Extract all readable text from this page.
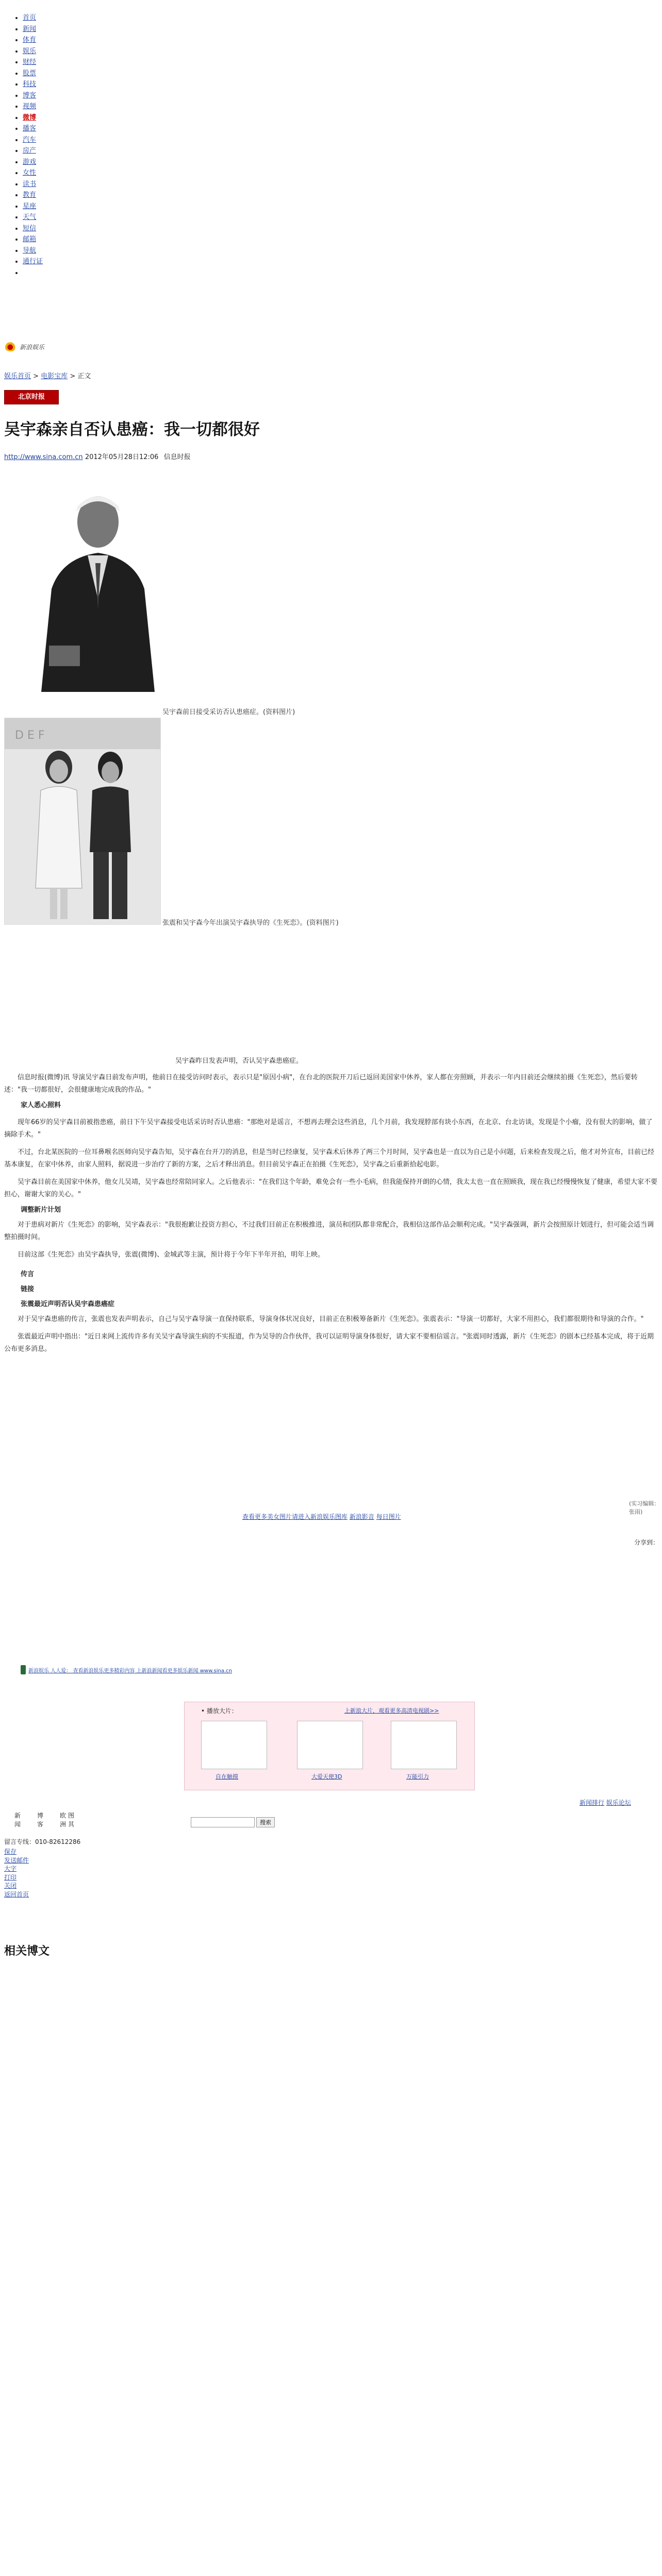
• 首页
• 新闻
• 体育
• 娱乐
• 财经
• 股票
• 科技
• 博客
• 视频
• 微博
• 播客
• 汽车
• 房产
• 游戏
• 女性
• 读书
• 教育
• 星座
• 天气
• 短信
• 邮箱
• 导航
• 通行证
•
新浪娱乐
娱乐首页 > 电影宝库 > 正文
北京时报
吴宇森亲自否认患癌：我一切都很好
http://www.sina.com.cn 2012年05月28日12:06 信息时报
吴宇森前日接受采访否认患癌症。(资料图片)
D E F
张震和吴宇森今年出演吴宇森执导的《生死恋》。(资料图片)

吴宇森昨日发表声明，否认吴宇森患癌症。

信息时报(微博)讯 导演吴宇森日前发布声明，他前日在接受访问时表示，表示只是"原因小病"，在台北的医院开刀后已返回美国家中休养，家人都在旁照顾，并表示一年内目前还会继续拍摄《生死恋》，然后要转述："我一切都很好，会很健康地完成我的作品。"

家人悉心照料

现年66岁的吴宇森目前被指患癌，前日下午吴宇森接受电话采访时否认患癌："那绝对是谣言，不想再去理会这些消息，几个月前，我发现脖部有块小东西，在北京、台北访谈，发现是个小瘤，没有很大的影响，做了摘除手术。"

不过，台北某医院的一位耳鼻喉名医师向吴宇森告知，吴宇森在台开刀的消息，但是当时已经康复，吴宇森术后休养了两三个月时间，吴宇森也是一直以为自己是小问题，后来检查发现之后，他才对外宣布，目前已经基本康复，在家中休养，由家人照料，据说进一步治疗了新的方案，之后才释出消息。但目前吴宇森正在拍摄《生死恋》，吴宇森之后重新拾起电影。

吴宇森目前在美国家中休养，他女儿吴靖，吴宇森也经常陪同家人。之后他表示："在我们这个年龄，难免会有一些小毛病，但我能保持开朗的心情，我太太也一直在照顾我，现在我已经慢慢恢复了健康，希望大家不要担心，谢谢大家的关心。"

调整新片计划

对于患病对新片《生死恋》的影响，吴宇森表示："我很抱歉让投资方担心，不过我们目前正在积极推进，演员和团队都非常配合，我相信这部作品会顺利完成。"吴宇森强调，新片会按照原计划进行，但可能会适当调整拍摄时间。

目前这部《生死恋》由吴宇森执导，张震(微博)、金城武等主演，预计将于今年下半年开拍，明年上映。

传言
链接
张震最近声明否认吴宇森患癌症

对于吴宇森患癌的传言，张震也发表声明表示，自己与吴宇森导演一直保持联系，导演身体状况良好，目前正在积极筹备新片《生死恋》。张震表示："导演一切都好，大家不用担心，我们都很期待和导演的合作。"

张震最近声明中指出："近日来网上流传许多有关吴宇森导演生病的不实报道，作为吴导的合作伙伴，我可以证明导演身体很好，请大家不要相信谣言。"张震同时透露，新片《生死恋》的剧本已经基本完成，将于近期公布更多消息。

(实习编辑：张雨)
查看更多美女图片请进入新浪娱乐图库 新浪影音 每日图片
分享到：
新浪娱乐 人人爱： 查看新浪娱乐更多精彩内容 上新浪新闻看更多娱乐新闻 www.sina.cn
• 播放大片：	上新浪大片，观看更多高清电视剧>>
自在触摸	大爱天使3D	万能引力
新闻排行 娱乐论坛
	新		博		欧	图
	闻		客		洲	其	搜索
留言专线：010-82612286
保存
发送邮件
大字
打印
关闭
返回首页
相关博文
